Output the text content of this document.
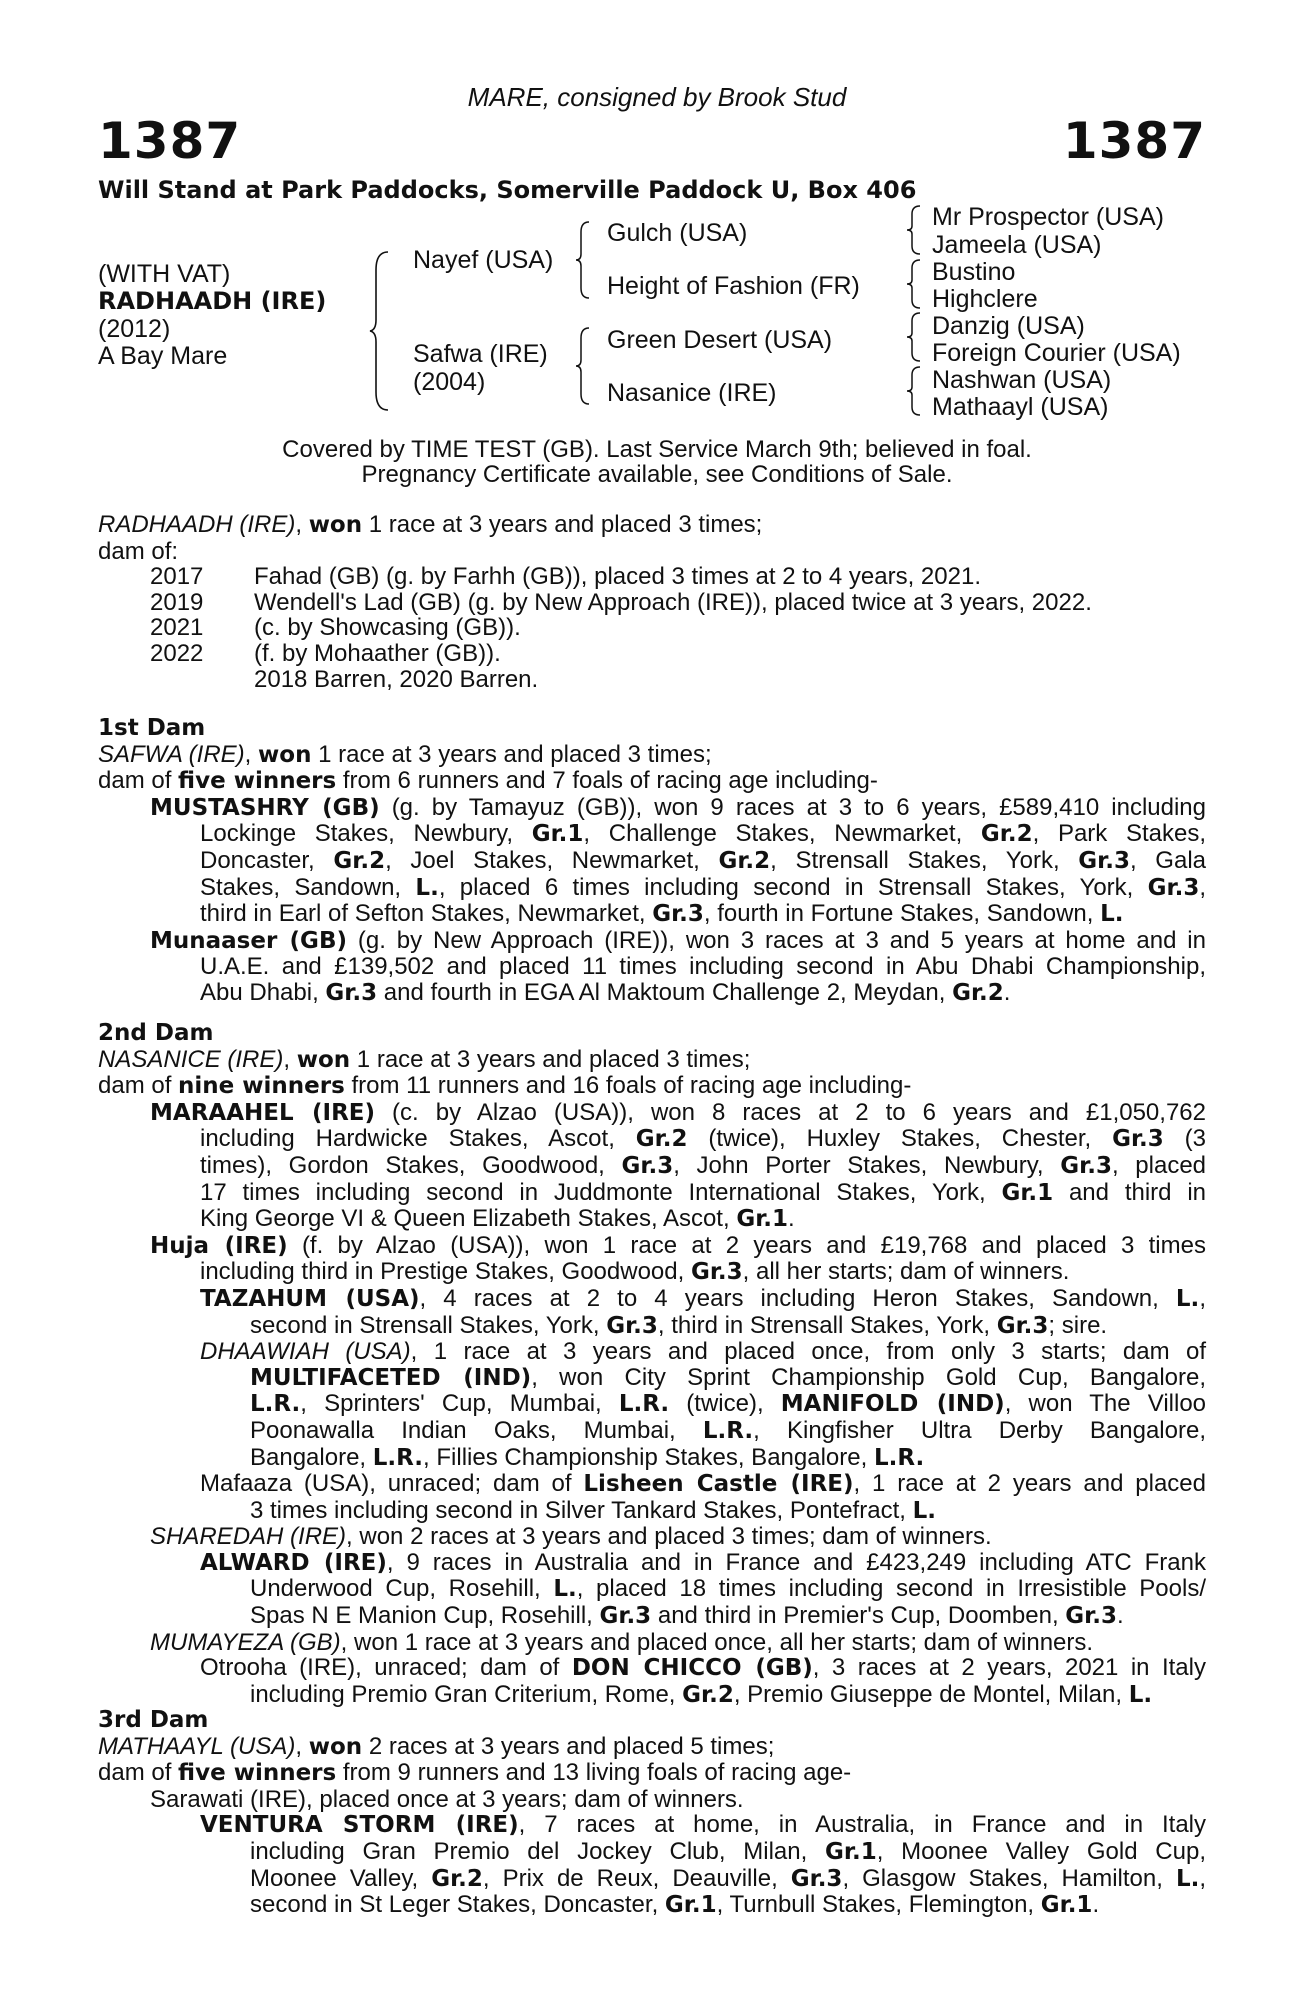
MARE, consigned by Brook Stud
1387	1387
Will Stand at Park Paddocks, Somerville Paddock U, Box 406
(WITH VAT)
RADHAADH (IRE)
(2012)
A Bay Mare
Nayef (USA)
Safwa (IRE)
(2004)
Gulch (USA)
Height of Fashion (FR)
Green Desert (USA)
Nasanice (IRE)
Mr Prospector (USA)
Jameela (USA)
Bustino
Highclere
Danzig (USA)
Foreign Courier (USA)
Nashwan (USA)
Mathaayl (USA)
Covered by TIME TEST (GB). Last Service March 9th; believed in foal.
Pregnancy Certificate available, see Conditions of Sale.
RADHAADH (IRE), won 1 race at 3 years and placed 3 times;
dam of:
2017 Fahad (GB) (g. by Farhh (GB)), placed 3 times at 2 to 4 years, 2021.
2019 Wendell's Lad (GB) (g. by New Approach (IRE)), placed twice at 3 years, 2022.
2021 (c. by Showcasing (GB)).
2022 (f. by Mohaather (GB)).
2018 Barren, 2020 Barren.
1st Dam
SAFWA (IRE), won 1 race at 3 years and placed 3 times;
dam of five winners from 6 runners and 7 foals of racing age including-
MUSTASHRY (GB) (g. by Tamayuz (GB)), won 9 races at 3 to 6 years, £589,410 including
Lockinge Stakes, Newbury, Gr.1, Challenge Stakes, Newmarket, Gr.2, Park Stakes,
Doncaster, Gr.2, Joel Stakes, Newmarket, Gr.2, Strensall Stakes, York, Gr.3, Gala
Stakes, Sandown, L., placed 6 times including second in Strensall Stakes, York, Gr.3,
third in Earl of Sefton Stakes, Newmarket, Gr.3, fourth in Fortune Stakes, Sandown, L.
Munaaser (GB) (g. by New Approach (IRE)), won 3 races at 3 and 5 years at home and in
U.A.E. and £139,502 and placed 11 times including second in Abu Dhabi Championship,
Abu Dhabi, Gr.3 and fourth in EGA Al Maktoum Challenge 2, Meydan, Gr.2.
2nd Dam
NASANICE (IRE), won 1 race at 3 years and placed 3 times;
dam of nine winners from 11 runners and 16 foals of racing age including-
MARAAHEL (IRE) (c. by Alzao (USA)), won 8 races at 2 to 6 years and £1,050,762
including Hardwicke Stakes, Ascot, Gr.2 (twice), Huxley Stakes, Chester, Gr.3 (3
times), Gordon Stakes, Goodwood, Gr.3, John Porter Stakes, Newbury, Gr.3, placed
17 times including second in Juddmonte International Stakes, York, Gr.1 and third in
King George VI & Queen Elizabeth Stakes, Ascot, Gr.1.
Huja (IRE) (f. by Alzao (USA)), won 1 race at 2 years and £19,768 and placed 3 times
including third in Prestige Stakes, Goodwood, Gr.3, all her starts; dam of winners.
TAZAHUM (USA), 4 races at 2 to 4 years including Heron Stakes, Sandown, L.,
second in Strensall Stakes, York, Gr.3, third in Strensall Stakes, York, Gr.3; sire.
DHAAWIAH (USA), 1 race at 3 years and placed once, from only 3 starts; dam of
MULTIFACETED (IND), won City Sprint Championship Gold Cup, Bangalore,
L.R., Sprinters' Cup, Mumbai, L.R. (twice), MANIFOLD (IND), won The Villoo
Poonawalla Indian Oaks, Mumbai, L.R., Kingfisher Ultra Derby Bangalore,
Bangalore, L.R., Fillies Championship Stakes, Bangalore, L.R.
Mafaaza (USA), unraced; dam of Lisheen Castle (IRE), 1 race at 2 years and placed
3 times including second in Silver Tankard Stakes, Pontefract, L.
SHAREDAH (IRE), won 2 races at 3 years and placed 3 times; dam of winners.
ALWARD (IRE), 9 races in Australia and in France and £423,249 including ATC Frank
Underwood Cup, Rosehill, L., placed 18 times including second in Irresistible Pools/
Spas N E Manion Cup, Rosehill, Gr.3 and third in Premier's Cup, Doomben, Gr.3.
MUMAYEZA (GB), won 1 race at 3 years and placed once, all her starts; dam of winners.
Otrooha (IRE), unraced; dam of DON CHICCO (GB), 3 races at 2 years, 2021 in Italy
including Premio Gran Criterium, Rome, Gr.2, Premio Giuseppe de Montel, Milan, L.
3rd Dam
MATHAAYL (USA), won 2 races at 3 years and placed 5 times;
dam of five winners from 9 runners and 13 living foals of racing age-
Sarawati (IRE), placed once at 3 years; dam of winners.
VENTURA STORM (IRE), 7 races at home, in Australia, in France and in Italy
including Gran Premio del Jockey Club, Milan, Gr.1, Moonee Valley Gold Cup,
Moonee Valley, Gr.2, Prix de Reux, Deauville, Gr.3, Glasgow Stakes, Hamilton, L.,
second in St Leger Stakes, Doncaster, Gr.1, Turnbull Stakes, Flemington, Gr.1.
